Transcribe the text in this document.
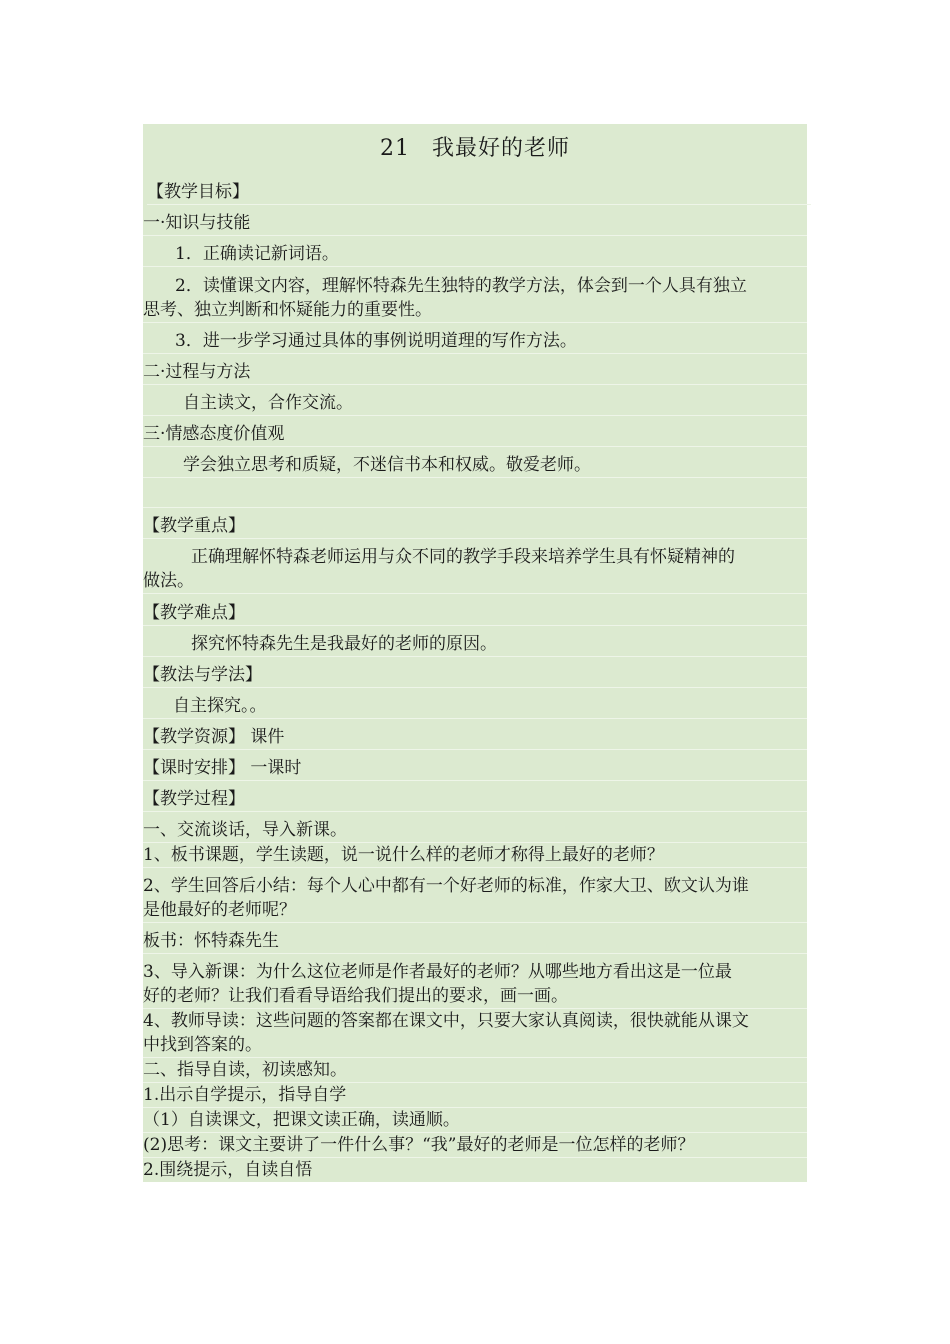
21 我最好的老师
【教学目标】
一·知识与技能
1．正确读记新词语。
2．读懂课文内容，理解怀特森先生独特的教学方法，体会到一个人具有独立
思考、独立判断和怀疑能力的重要性。
3．进一步学习通过具体的事例说明道理的写作方法。
二·过程与方法
自主读文，合作交流。
三·情感态度价值观
学会独立思考和质疑，不迷信书本和权威。敬爱老师。
【教学重点】
正确理解怀特森老师运用与众不同的教学手段来培养学生具有怀疑精神的
做法。
【教学难点】
探究怀特森先生是我最好的老师的原因。
【教法与学法】
自主探究。。
【教学资源】 课件
【课时安排】 一课时
【教学过程】
一、交流谈话，导入新课。
1、板书课题，学生读题，说一说什么样的老师才称得上最好的老师？
2、学生回答后小结：每个人心中都有一个好老师的标准，作家大卫、欧文认为谁
是他最好的老师呢？
板书：怀特森先生
3、导入新课：为什么这位老师是作者最好的老师？从哪些地方看出这是一位最
好的老师？让我们看看导语给我们提出的要求，画一画。
4、教师导读：这些问题的答案都在课文中，只要大家认真阅读，很快就能从课文
中找到答案的。
二、指导自读，初读感知。
1.出示自学提示，指导自学
（1）自读课文，把课文读正确，读通顺。
(2)思考：课文主要讲了一件什么事？“我”最好的老师是一位怎样的老师？
2.围绕提示，自读自悟
